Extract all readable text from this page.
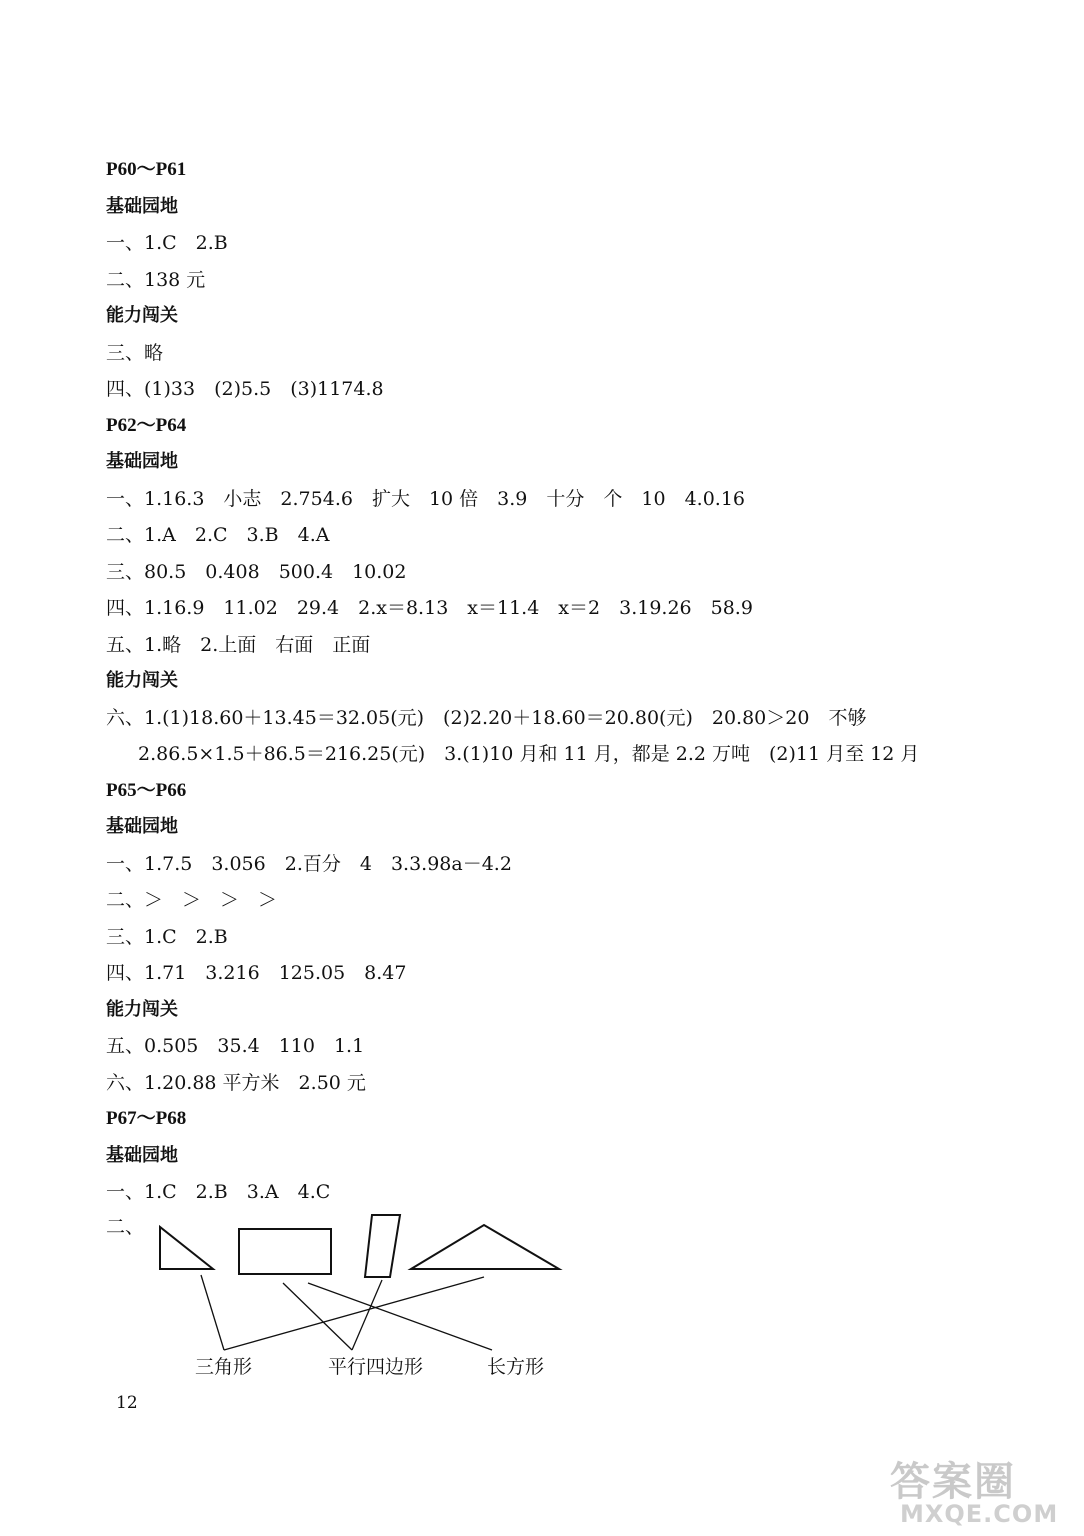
P60～P61
基础园地
一、1.C　2.B
二、138 元
能力闯关
三、略
四、(1)33　(2)5.5　(3)1174.8
P62～P64
基础园地
一、1.16.3　小志　2.754.6　扩大　10 倍　3.9　十分　个　10　4.0.16
二、1.A　2.C　3.B　4.A
三、80.5　0.408　500.4　10.02
四、1.16.9　11.02　29.4　2.x＝8.13　x＝11.4　x＝2　3.19.26　58.9
五、1.略　2.上面　右面　正面
能力闯关
六、1.(1)18.60＋13.45＝32.05(元)　(2)2.20＋18.60＝20.80(元)　20.80＞20　不够
2.86.5×1.5＋86.5＝216.25(元)　3.(1)10 月和 11 月，都是 2.2 万吨　(2)11 月至 12 月
P65～P66
基础园地
一、1.7.5　3.056　2.百分　4　3.3.98a－4.2
二、＞　＞　＞　＞
三、1.C　2.B
四、1.71　3.216　125.05　8.47
能力闯关
五、0.505　35.4　110　1.1
六、1.20.88 平方米　2.50 元
P67～P68
基础园地
一、1.C　2.B　3.A　4.C
二、
三角形	平行四边形	长方形
12
答案圈
MXQE.COM
